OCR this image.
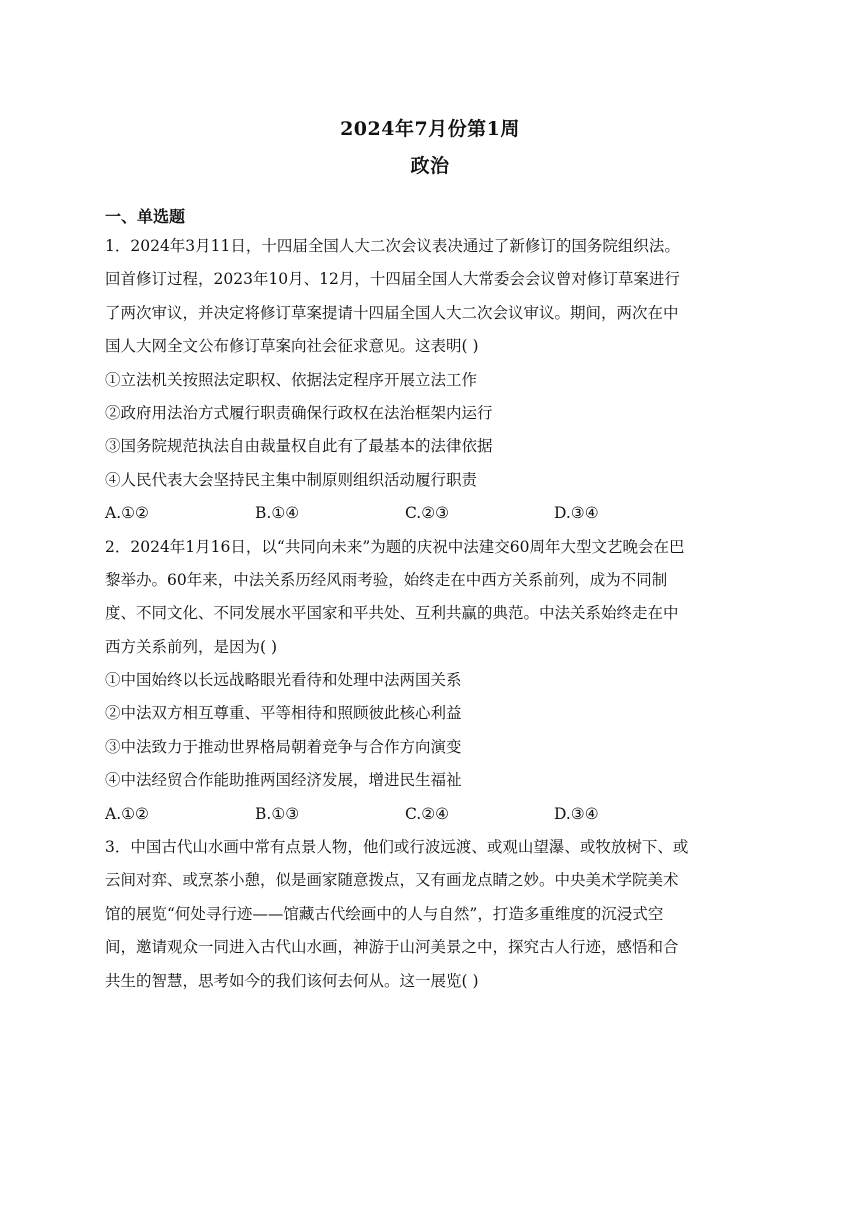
2024年7月份第1周
政治
一、单选题
1．2024年3月11日，十四届全国人大二次会议表决通过了新修订的国务院组织法。
回首修订过程，2023年10月、12月，十四届全国人大常委会会议曾对修订草案进行
了两次审议，并决定将修订草案提请十四届全国人大二次会议审议。期间，两次在中
国人大网全文公布修订草案向社会征求意见。这表明( )
①立法机关按照法定职权、依据法定程序开展立法工作
②政府用法治方式履行职责确保行政权在法治框架内运行
③国务院规范执法自由裁量权自此有了最基本的法律依据
④人民代表大会坚持民主集中制原则组织活动履行职责
A.①②	B.①④	C.②③	D.③④
2．2024年1月16日，以“共同向未来”为题的庆祝中法建交60周年大型文艺晚会在巴
黎举办。60年来，中法关系历经风雨考验，始终走在中西方关系前列，成为不同制
度、不同文化、不同发展水平国家和平共处、互利共赢的典范。中法关系始终走在中
西方关系前列，是因为( )
①中国始终以长远战略眼光看待和处理中法两国关系
②中法双方相互尊重、平等相待和照顾彼此核心利益
③中法致力于推动世界格局朝着竞争与合作方向演变
④中法经贸合作能助推两国经济发展，增进民生福祉
A.①②	B.①③	C.②④	D.③④
3．中国古代山水画中常有点景人物，他们或行波远渡、或观山望瀑、或牧放树下、或
云间对弈、或烹茶小憩，似是画家随意拨点，又有画龙点睛之妙。中央美术学院美术
馆的展览“何处寻行迹——馆藏古代绘画中的人与自然”，打造多重维度的沉浸式空
间，邀请观众一同进入古代山水画，神游于山河美景之中，探究古人行迹，感悟和合
共生的智慧，思考如今的我们该何去何从。这一展览( )
